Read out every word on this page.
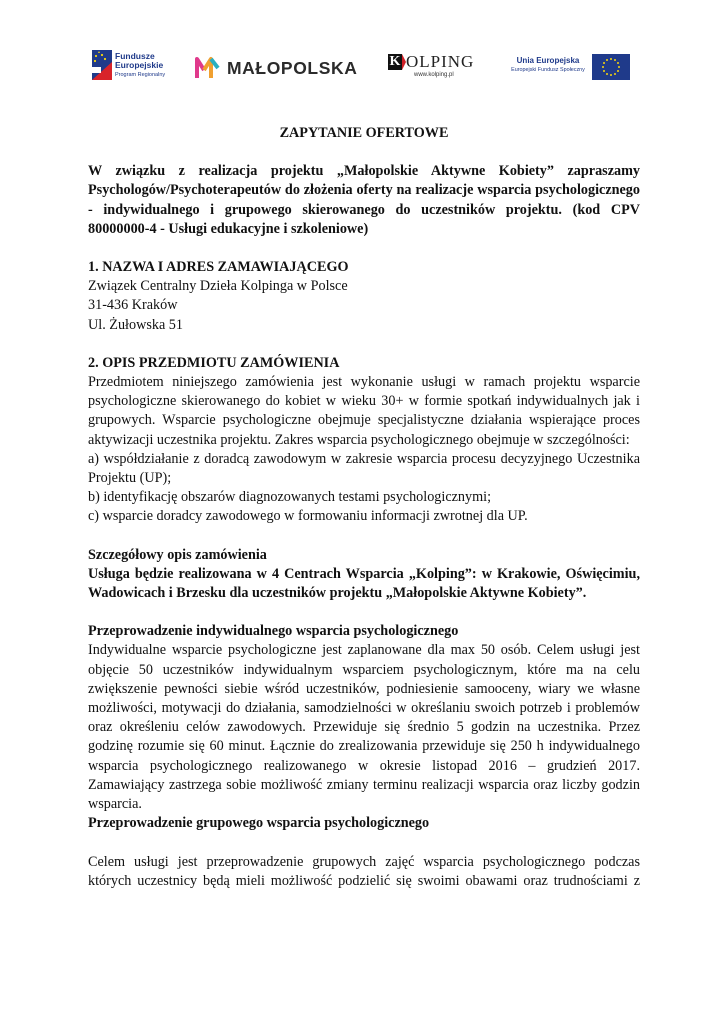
Fundusze
Europejskie
Program Regionalny	MAŁOPOLSKA K OLPING
www.kolping.pl
Unia Europejska
Europejski Fundusz Społeczny

ZAPYTANIE OFERTOWE

W związku z realizacja projektu „Małopolskie Aktywne Kobiety” zapraszamy Psychologów/Psychoterapeutów do złożenia oferty na realizacje wsparcia psychologicznego - indywidualnego i grupowego skierowanego do uczestników projektu. (kod CPV 80000000-4 - Usługi edukacyjne i szkoleniowe)

1. NAZWA I ADRES ZAMAWIAJĄCEGO

Związek Centralny Dzieła Kolpinga w Polsce

31-436 Kraków

Ul. Żułowska 51

2. OPIS PRZEDMIOTU ZAMÓWIENIA

Przedmiotem niniejszego zamówienia jest wykonanie usługi w ramach projektu wsparcie psychologiczne skierowanego do kobiet w wieku 30+ w formie spotkań indywidualnych jak i grupowych. Wsparcie psychologiczne obejmuje specjalistyczne działania wspierające proces aktywizacji uczestnika projektu. Zakres wsparcia psychologicznego obejmuje w szczególności:

a) współdziałanie z doradcą zawodowym w zakresie wsparcia procesu decyzyjnego Uczestnika Projektu (UP);

b) identyfikację obszarów diagnozowanych testami psychologicznymi;

c) wsparcie doradcy zawodowego w formowaniu informacji zwrotnej dla UP.

Szczegółowy opis zamówienia

Usługa będzie realizowana w 4 Centrach Wsparcia „Kolping”: w Krakowie, Oświęcimiu, Wadowicach i Brzesku dla uczestników projektu „Małopolskie Aktywne Kobiety”.

Przeprowadzenie indywidualnego wsparcia psychologicznego

Indywidualne wsparcie psychologiczne jest zaplanowane dla max 50 osób. Celem usługi jest objęcie 50 uczestników indywidualnym wsparciem psychologicznym, które ma na celu zwiększenie pewności siebie wśród uczestników, podniesienie samooceny, wiary we własne możliwości, motywacji do działania, samodzielności w określaniu swoich potrzeb i problemów oraz określeniu celów zawodowych. Przewiduje się średnio 5 godzin na uczestnika. Przez godzinę rozumie się 60 minut. Łącznie do zrealizowania przewiduje się 250 h indywidualnego wsparcia psychologicznego realizowanego w okresie listopad 2016 – grudzień 2017. Zamawiający zastrzega sobie możliwość zmiany terminu realizacji wsparcia oraz liczby godzin wsparcia.

Przeprowadzenie grupowego wsparcia psychologicznego

Celem usługi jest przeprowadzenie grupowych zajęć wsparcia psychologicznego podczas których uczestnicy będą mieli możliwość podzielić się swoimi obawami oraz trudnościami z
